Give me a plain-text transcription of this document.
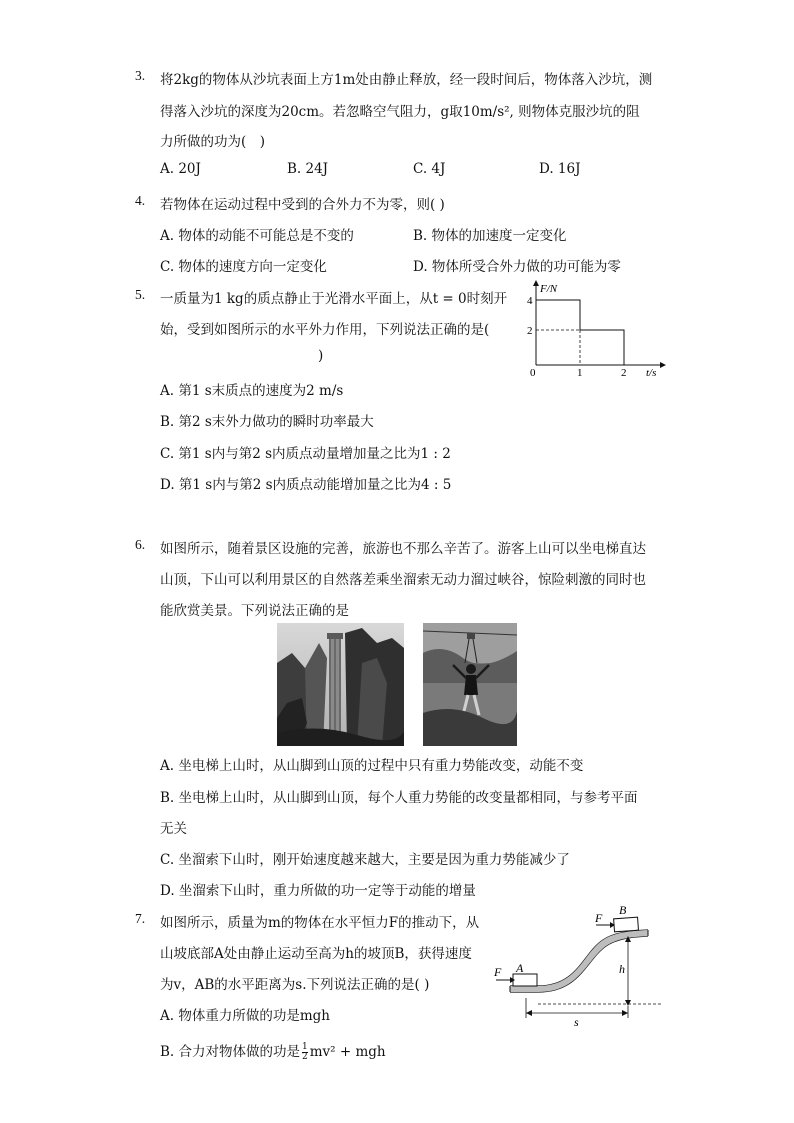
3. 将2kg的物体从沙坑表面上方1m处由静止释放，经一段时间后，物体落入沙坑，测
得落入沙坑的深度为20cm。若忽略空气阻力，g取10m/s², 则物体克服沙坑的阻
力所做的功为(　)
A. 20J	B. 24J	C. 4J	D. 16J
4. 若物体在运动过程中受到的合外力不为零，则( )
A. 物体的动能不可能总是不变的	B. 物体的加速度一定变化
C. 物体的速度方向一定变化	D. 物体所受合外力做的功可能为零
5. 一质量为1 kg的质点静止于光滑水平面上，从t = 0时刻开
始，受到如图所示的水平外力作用，下列说法正确的是(
)
A. 第1 s末质点的速度为2 m/s
B. 第2 s末外力做功的瞬时功率最大
C. 第1 s内与第2 s内质点动量增加量之比为1 : 2
D. 第1 s内与第2 s内质点动能增加量之比为4 : 5
F/N
t/s
0	1	2
4
2
6. 如图所示，随着景区设施的完善，旅游也不那么辛苦了。游客上山可以坐电梯直达
山顶，下山可以利用景区的自然落差乘坐溜索无动力溜过峡谷，惊险刺激的同时也
能欣赏美景。下列说法正确的是
A. 坐电梯上山时，从山脚到山顶的过程中只有重力势能改变，动能不变
B. 坐电梯上山时，从山脚到山顶，每个人重力势能的改变量都相同，与参考平面
无关
C. 坐溜索下山时，刚开始速度越来越大，主要是因为重力势能减少了
D. 坐溜索下山时，重力所做的功一定等于动能的增量
7. 如图所示，质量为m的物体在水平恒力F的推动下，从
山坡底部A处由静止运动至高为h的坡顶B，获得速度
为v，AB的水平距离为s.下列说法正确的是( )
A. 物体重力所做的功是mgh
B. 合力对物体做的功是 $\frac{1}{2} mv^2$ + mgh
F
B
F A	h
s
